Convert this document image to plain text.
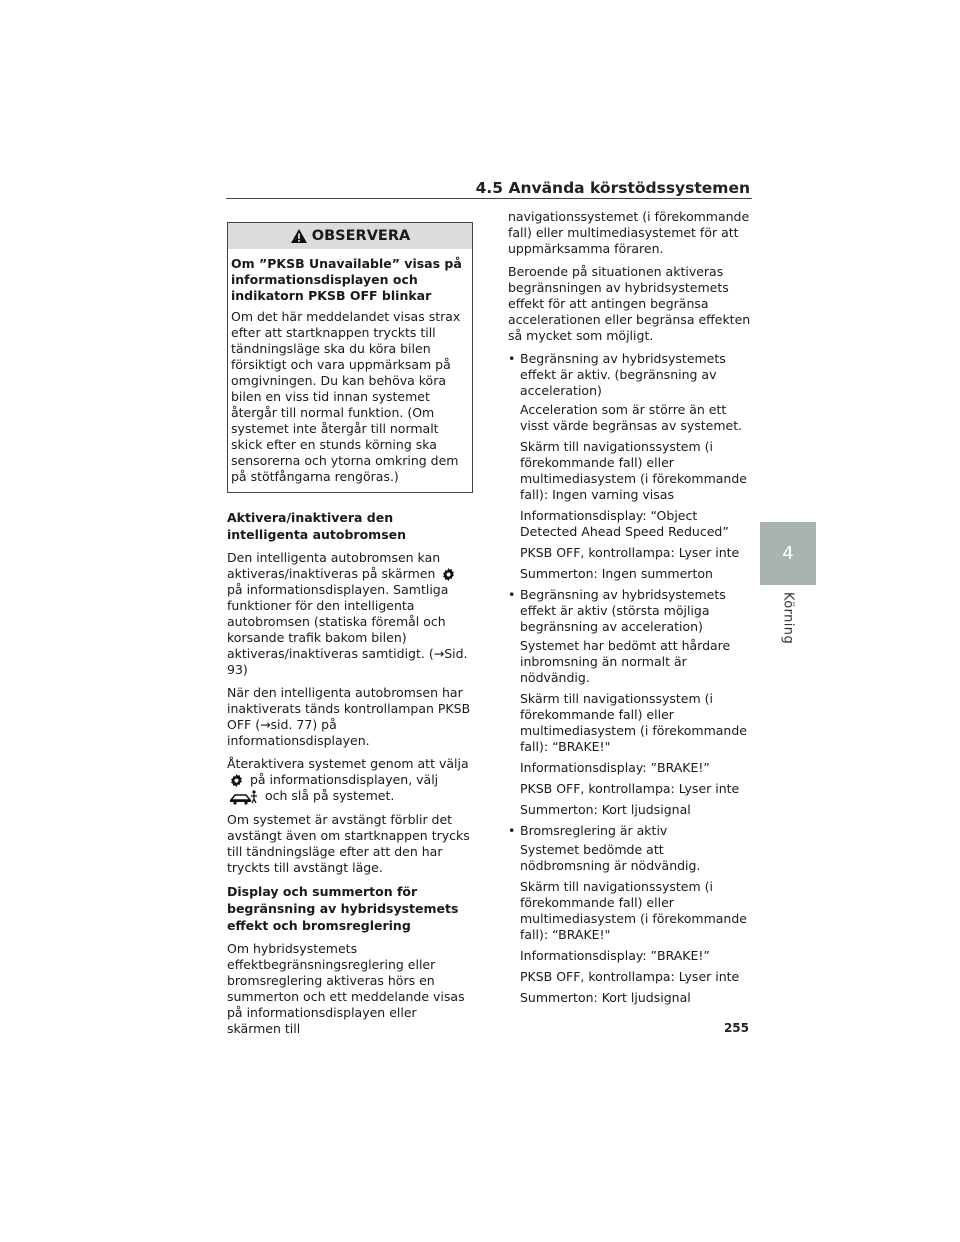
4.5 Använda körstödssystemen
4
Körning
OBSERVERA
Om ”PKSB Unavailable” visas på informationsdisplayen och indikatorn PKSB OFF blinkar
Om det här meddelandet visas strax efter att startknappen tryckts till tändningsläge ska du köra bilen försiktigt och vara uppmärksam på omgivningen. Du kan behöva köra bilen en viss tid innan systemet återgår till normal funktion. (Om systemet inte återgår till normalt skick efter en stunds körning ska sensorerna och ytorna omkring dem på stötfångarna rengöras.)
Aktivera/inaktivera den intelligenta autobromsen

Den intelligenta autobromsen kan aktiveras/inaktiveras på skärmen  på informationsdisplayen. Samtliga funktioner för den intelligenta autobromsen (statiska föremål och korsande trafik bakom bilen) aktiveras/inaktiveras samtidigt. (→Sid. 93)

När den intelligenta autobromsen har inaktiverats tänds kontrollampan PKSB OFF (→sid. 77) på informationsdisplayen.

Återaktivera systemet genom att välja  på informationsdisplayen, välj  och slå på systemet.

Om systemet är avstängt förblir det avstängt även om startknappen trycks till tändningsläge efter att den har tryckts till avstängt läge.

Display och summerton för begränsning av hybridsystemets effekt och bromsreglering

Om hybridsystemets effektbegränsningsreglering eller bromsreglering aktiveras hörs en summerton och ett meddelande visas på informationsdisplayen eller skärmen till

navigationssystemet (i förekommande fall) eller multimediasystemet för att uppmärksamma föraren.

Beroende på situationen aktiveras begränsningen av hybridsystemets effekt för att antingen begränsa accelerationen eller begränsa effekten så mycket som möjligt.

• Begränsning av hybridsystemets effekt är aktiv. (begränsning av acceleration)
Acceleration som är större än ett visst värde begränsas av systemet.
Skärm till navigationssystem (i förekommande fall) eller multimediasystem (i förekommande fall): Ingen varning visas
Informationsdisplay: “Object Detected Ahead Speed Reduced”
PKSB OFF, kontrollampa: Lyser inte
Summerton: Ingen summerton
• Begränsning av hybridsystemets effekt är aktiv (största möjliga begränsning av acceleration)
Systemet har bedömt att hårdare inbromsning än normalt är nödvändig.
Skärm till navigationssystem (i förekommande fall) eller multimediasystem (i förekommande fall): “BRAKE!"
Informationsdisplay: ”BRAKE!”
PKSB OFF, kontrollampa: Lyser inte
Summerton: Kort ljudsignal
• Bromsreglering är aktiv
Systemet bedömde att nödbromsning är nödvändig.
Skärm till navigationssystem (i förekommande fall) eller multimediasystem (i förekommande fall): “BRAKE!"
Informationsdisplay: ”BRAKE!”
PKSB OFF, kontrollampa: Lyser inte
Summerton: Kort ljudsignal
255
